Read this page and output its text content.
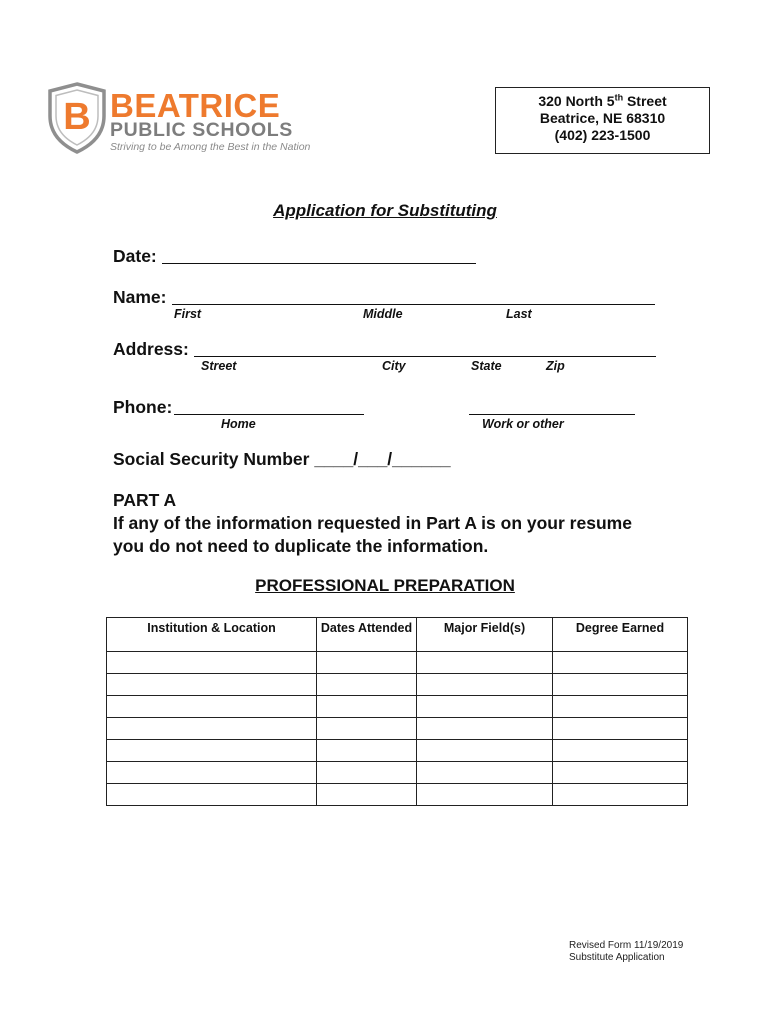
B BEATRICE
PUBLIC SCHOOLS
Striving to be Among the Best in the Nation
320 North 5th Street
Beatrice, NE 68310
(402) 223-1500
Application for Substituting
Date:
Name:
First	Middle	Last
Address:
Street	City	State	Zip
Phone:
Home	Work or other
Social Security Number ____/___/______
PART A
If any of the information requested in Part A is on your resume
you do not need to duplicate the information.
PROFESSIONAL PREPARATION
Institution & Location	Dates Attended	Major Field(s)	Degree Earned

Revised Form 11/19/2019
Substitute Application
